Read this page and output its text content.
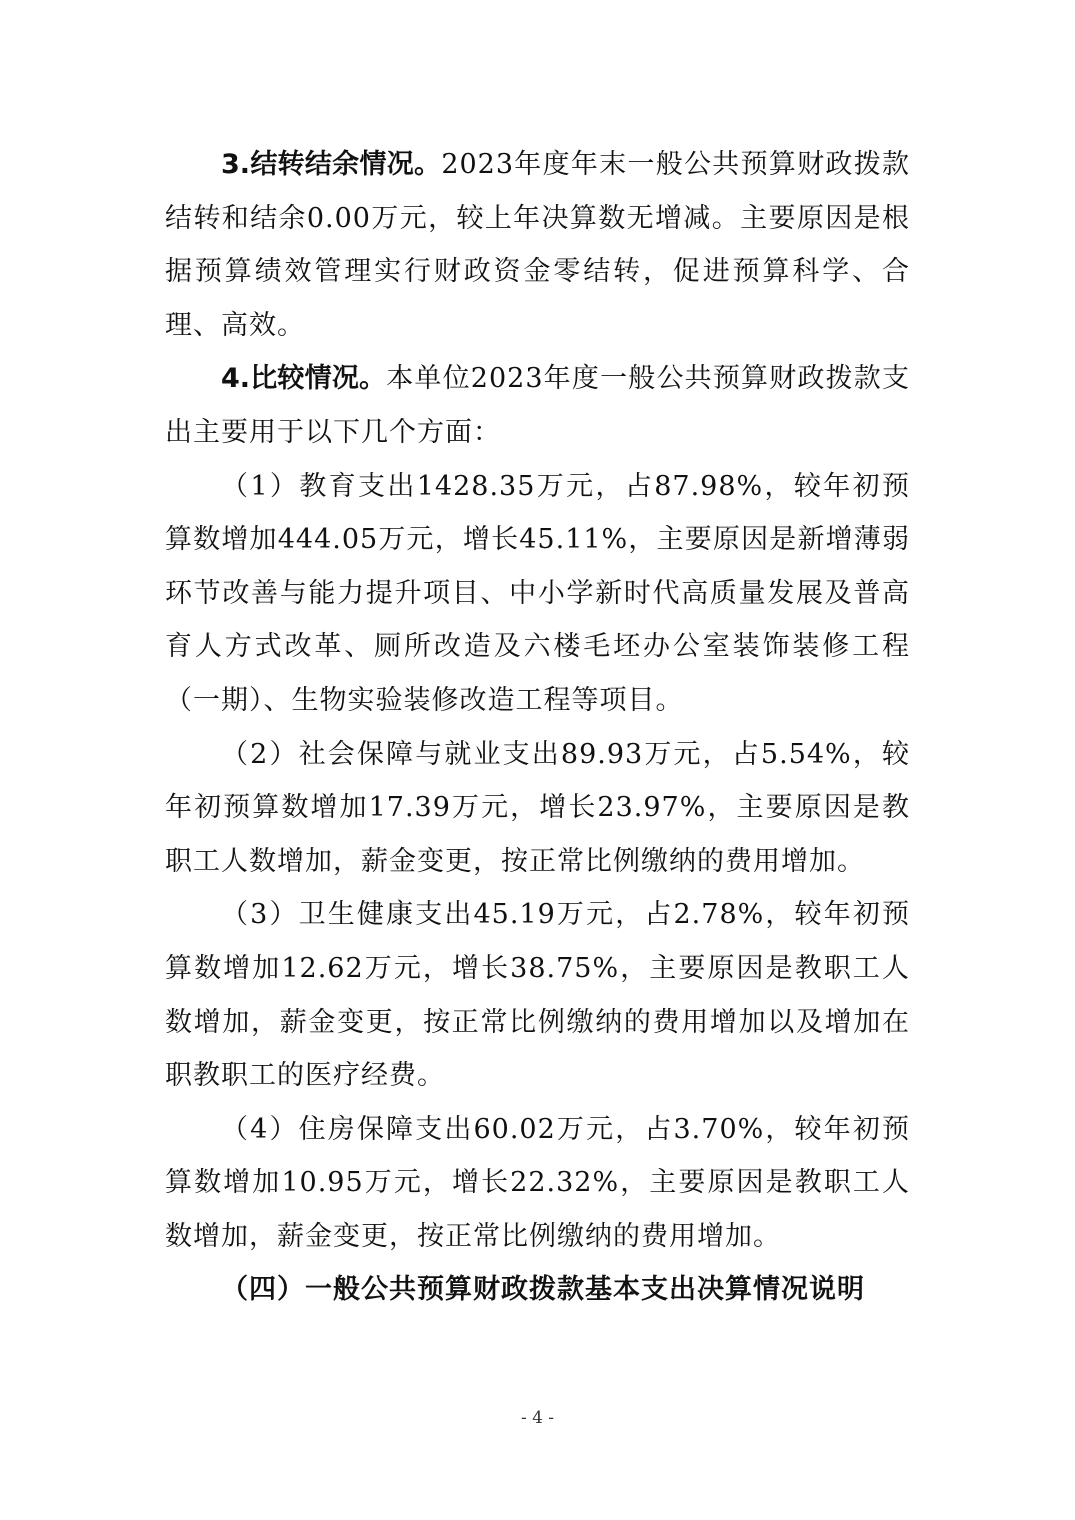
3.结转结余情况。2023年度年末一般公共预算财政拨款结转和结余0.00万元，较上年决算数无增减。主要原因是根据预算绩效管理实行财政资金零结转，促进预算科学、合理、高效。

4.比较情况。本单位2023年度一般公共预算财政拨款支出主要用于以下几个方面：

（1）教育支出1428.35万元，占87.98%，较年初预算数增加444.05万元，增长45.11%，主要原因是新增薄弱环节改善与能力提升项目、中小学新时代高质量发展及普高育人方式改革、厕所改造及六楼毛坯办公室装饰装修工程（一期）、生物实验装修改造工程等项目。

（2）社会保障与就业支出89.93万元，占5.54%，较年初预算数增加17.39万元，增长23.97%，主要原因是教职工人数增加，薪金变更，按正常比例缴纳的费用增加。

（3）卫生健康支出45.19万元，占2.78%，较年初预算数增加12.62万元，增长38.75%，主要原因是教职工人数增加，薪金变更，按正常比例缴纳的费用增加以及增加在职教职工的医疗经费。

（4）住房保障支出60.02万元，占3.70%，较年初预算数增加10.95万元，增长22.32%，主要原因是教职工人数增加，薪金变更，按正常比例缴纳的费用增加。

（四）一般公共预算财政拨款基本支出决算情况说明

- 4 -
